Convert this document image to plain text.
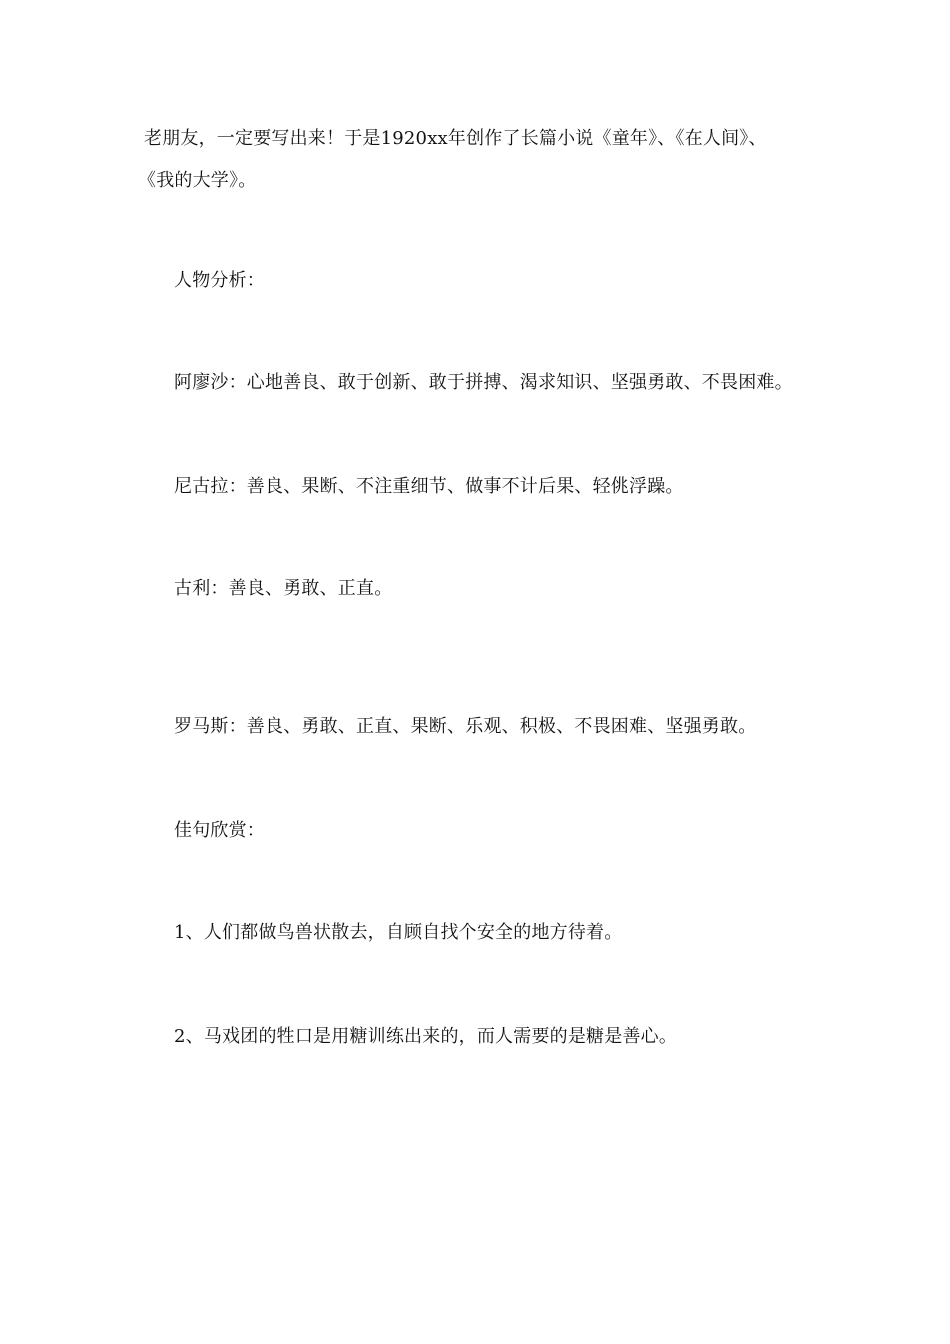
老朋友，一定要写出来！于是1920xx年创作了长篇小说《童年》、《在人间》、
《我的大学》。
人物分析：
阿廖沙：心地善良、敢于创新、敢于拼搏、渴求知识、坚强勇敢、不畏困难。
尼古拉：善良、果断、不注重细节、做事不计后果、轻佻浮躁。
古利：善良、勇敢、正直。
罗马斯：善良、勇敢、正直、果断、乐观、积极、不畏困难、坚强勇敢。
佳句欣赏：
1、人们都做鸟兽状散去，自顾自找个安全的地方待着。
2、马戏团的牲口是用糖训练出来的，而人需要的是糖是善心。
